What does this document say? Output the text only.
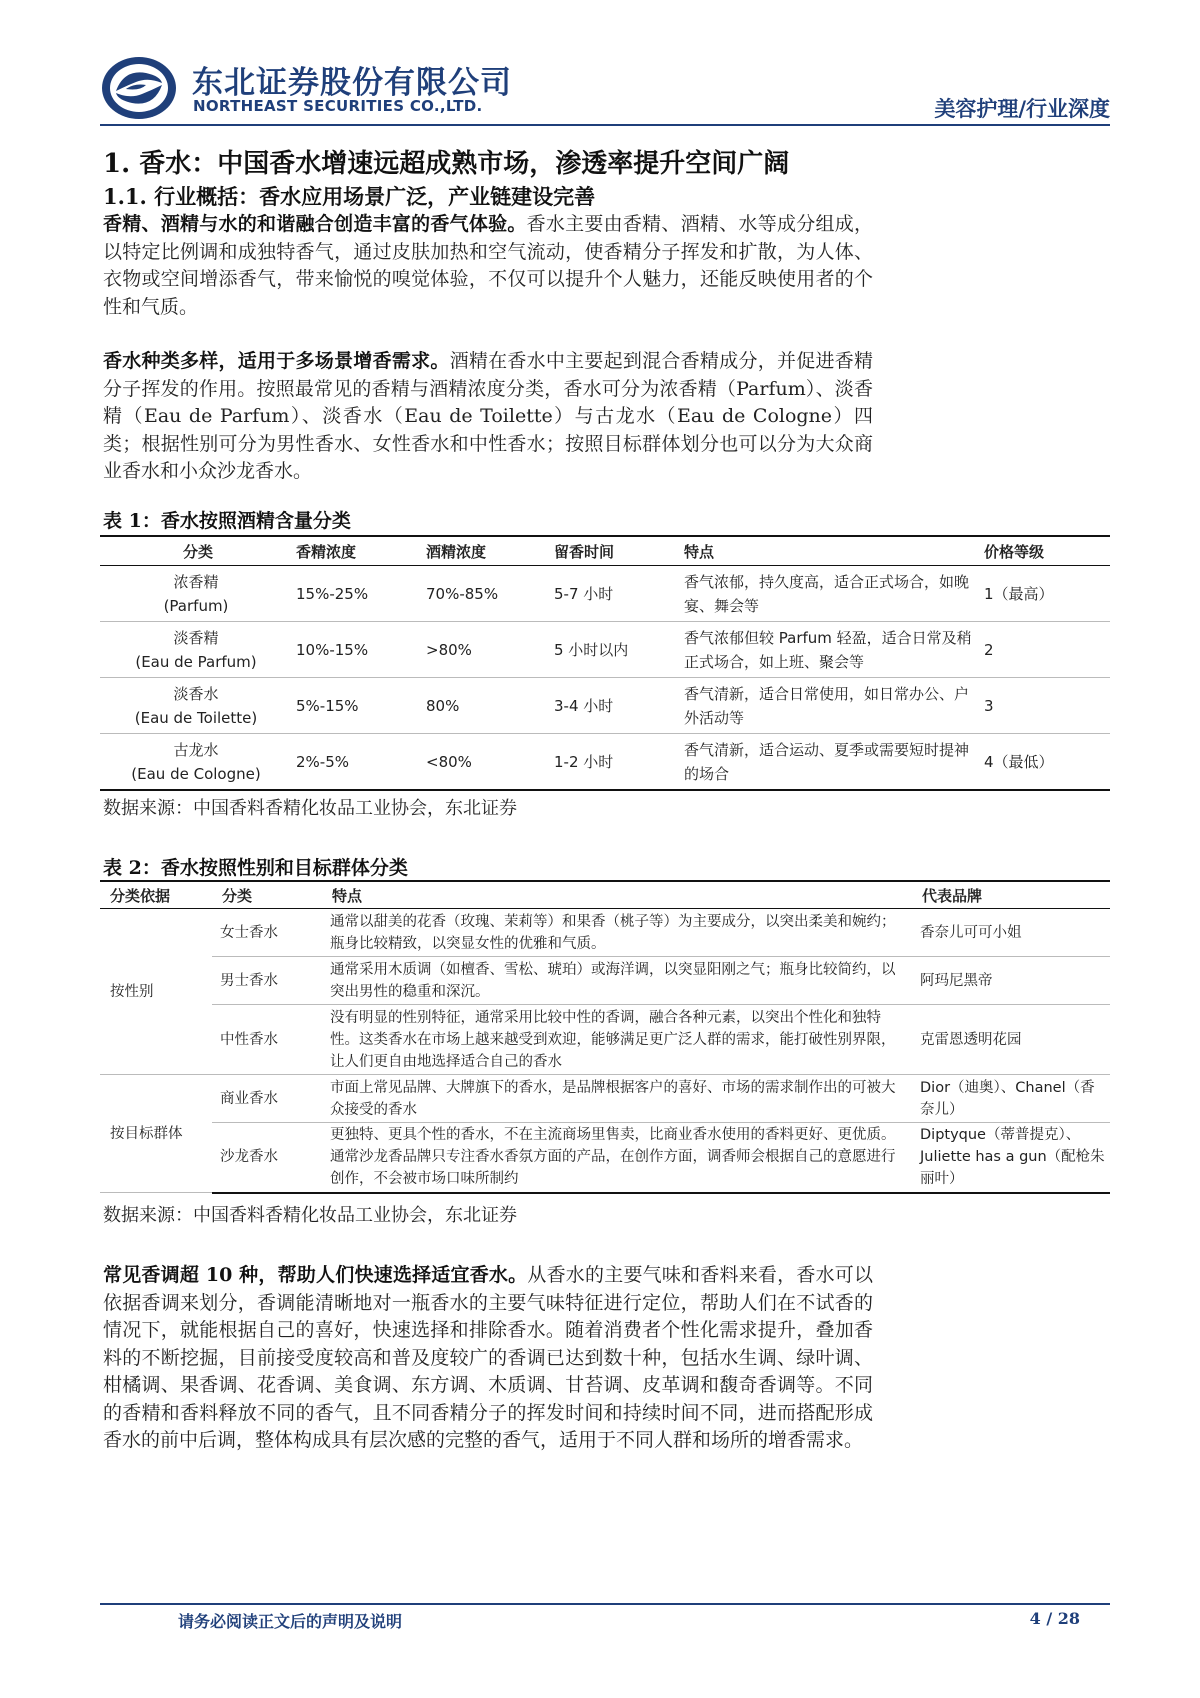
东北证券股份有限公司
NORTHEAST SECURITIES CO.,LTD.	美容护理/行业深度
1. 香水：中国香水增速远超成熟市场，渗透率提升空间广阔
1.1. 行业概括：香水应用场景广泛，产业链建设完善
香精、酒精与水的和谐融合创造丰富的香气体验。香水主要由香精、酒精、水等成分组成，以特定比例调和成独特香气，通过皮肤加热和空气流动，使香精分子挥发和扩散，为人体、衣物或空间增添香气，带来愉悦的嗅觉体验，不仅可以提升个人魅力，还能反映使用者的个性和气质。
香水种类多样，适用于多场景增香需求。酒精在香水中主要起到混合香精成分，并促进香精分子挥发的作用。按照最常见的香精与酒精浓度分类，香水可分为浓香精（Parfum）、淡香精（Eau de Parfum）、淡香水（Eau de Toilette）与古龙水（Eau de Cologne）四类；根据性别可分为男性香水、女性香水和中性香水；按照目标群体划分也可以分为大众商业香水和小众沙龙香水。
表 1：香水按照酒精含量分类
分类	香精浓度	酒精浓度	留香时间	特点	价格等级

浓香精
(Parfum)	15%-25%	70%-85%	5-7 小时	香气浓郁，持久度高，适合正式场合，如晚宴、舞会等	1（最高）

淡香精
(Eau de Parfum)	10%-15%	>80%	5 小时以内	香气浓郁但较 Parfum 轻盈，适合日常及稍正式场合，如上班、聚会等	2

淡香水
(Eau de Toilette)	5%-15%	80%	3-4 小时	香气清新，适合日常使用，如日常办公、户外活动等	3

古龙水
(Eau de Cologne)	2%-5%	<80%	1-2 小时	香气清新，适合运动、夏季或需要短时提神的场合	4（最低）
数据来源：中国香料香精化妆品工业协会，东北证券
表 2：香水按照性别和目标群体分类
分类依据	分类	特点	代表品牌
按性别	女士香水	通常以甜美的花香（玫瑰、茉莉等）和果香（桃子等）为主要成分，以突出柔美和婉约；瓶身比较精致，以突显女性的优雅和气质。	香奈儿可可小姐
	男士香水	通常采用木质调（如檀香、雪松、琥珀）或海洋调，以突显阳刚之气；瓶身比较简约，以突出男性的稳重和深沉。	阿玛尼黑帝
	中性香水	没有明显的性别特征，通常采用比较中性的香调，融合各种元素，以突出个性化和独特性。这类香水在市场上越来越受到欢迎，能够满足更广泛人群的需求，能打破性别界限，让人们更自由地选择适合自己的香水	克雷恩透明花园
按目标群体	商业香水	市面上常见品牌、大牌旗下的香水，是品牌根据客户的喜好、市场的需求制作出的可被大众接受的香水	Dior（迪奥）、Chanel（香奈儿）
	沙龙香水	更独特、更具个性的香水，不在主流商场里售卖，比商业香水使用的香料更好、更优质。通常沙龙香品牌只专注香水香氛方面的产品，在创作方面，调香师会根据自己的意愿进行创作，不会被市场口味所制约	Diptyque（蒂普提克）、Juliette has a gun（配枪朱丽叶）
数据来源：中国香料香精化妆品工业协会，东北证券
常见香调超 10 种，帮助人们快速选择适宜香水。从香水的主要气味和香料来看，香水可以依据香调来划分，香调能清晰地对一瓶香水的主要气味特征进行定位，帮助人们在不试香的情况下，就能根据自己的喜好，快速选择和排除香水。随着消费者个性化需求提升，叠加香料的不断挖掘，目前接受度较高和普及度较广的香调已达到数十种，包括水生调、绿叶调、柑橘调、果香调、花香调、美食调、东方调、木质调、甘苔调、皮革调和馥奇香调等。不同的香精和香料释放不同的香气，且不同香精分子的挥发时间和持续时间不同，进而搭配形成香水的前中后调，整体构成具有层次感的完整的香气，适用于不同人群和场所的增香需求。
请务必阅读正文后的声明及说明	4 / 28
